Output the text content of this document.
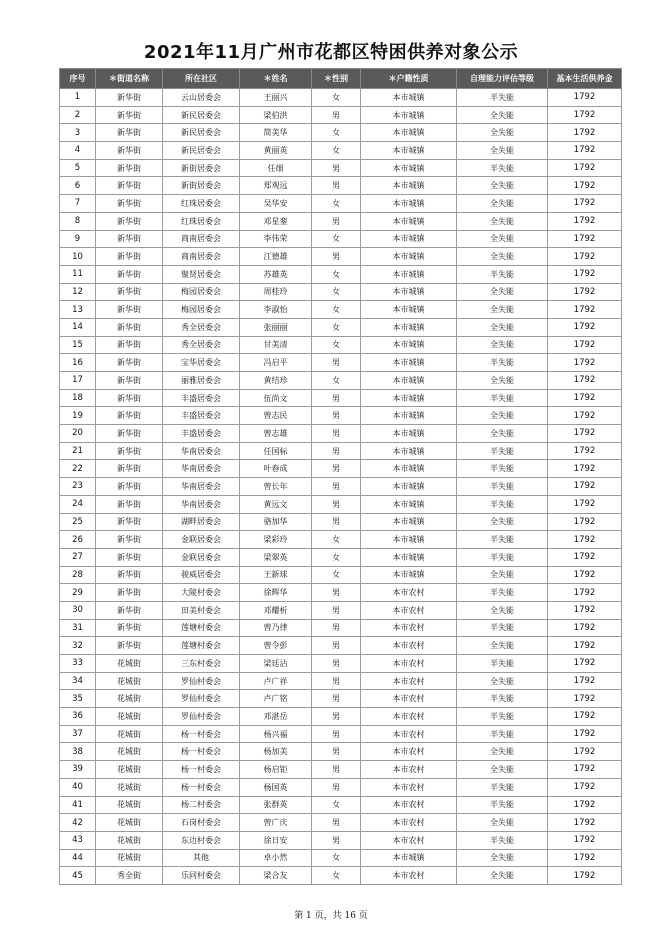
2021年11月广州市花都区特困供养对象公示
序号	＊街道名称	所在社区	＊姓名	＊性别	＊户籍性质	自理能力评估等级	基本生活供养金
1	新华街	云山居委会	王丽兴	女	本市城镇	半失能	1792
2	新华街	新民居委会	梁伯洪	男	本市城镇	全失能	1792
3	新华街	新民居委会	简美华	女	本市城镇	全失能	1792
4	新华街	新民居委会	黄丽英	女	本市城镇	全失能	1792
5	新华街	新街居委会	任细	男	本市城镇	半失能	1792
6	新华街	新街居委会	郑观远	男	本市城镇	全失能	1792
7	新华街	红珠居委会	吴华安	女	本市城镇	全失能	1792
8	新华街	红珠居委会	邓星銮	男	本市城镇	全失能	1792
9	新华街	商南居委会	李伟荣	女	本市城镇	全失能	1792
10	新华街	商南居委会	江德雄	男	本市城镇	全失能	1792
11	新华街	聚贤居委会	苏雄英	女	本市城镇	半失能	1792
12	新华街	梅园居委会	周桂玲	女	本市城镇	全失能	1792
13	新华街	梅园居委会	李淑怡	女	本市城镇	全失能	1792
14	新华街	秀全居委会	张丽丽	女	本市城镇	全失能	1792
15	新华街	秀全居委会	甘美清	女	本市城镇	全失能	1792
16	新华街	宝华居委会	冯启平	男	本市城镇	半失能	1792
17	新华街	丽雅居委会	黄结珍	女	本市城镇	全失能	1792
18	新华街	丰盛居委会	伍尚文	男	本市城镇	半失能	1792
19	新华街	丰盛居委会	曾志民	男	本市城镇	全失能	1792
20	新华街	丰盛居委会	曾志雄	男	本市城镇	全失能	1792
21	新华街	华南居委会	任国标	男	本市城镇	半失能	1792
22	新华街	华南居委会	叶春成	男	本市城镇	半失能	1792
23	新华街	华南居委会	曾长年	男	本市城镇	半失能	1792
24	新华街	华南居委会	黄远文	男	本市城镇	半失能	1792
25	新华街	湖畔居委会	骆加华	男	本市城镇	全失能	1792
26	新华街	金联居委会	梁彩玲	女	本市城镇	半失能	1792
27	新华街	金联居委会	梁翠英	女	本市城镇	半失能	1792
28	新华街	骏威居委会	王新球	女	本市城镇	全失能	1792
29	新华街	大陵村委会	徐辉华	男	本市农村	半失能	1792
30	新华街	田美村委会	邓耀析	男	本市农村	全失能	1792
31	新华街	莲塘村委会	曾乃律	男	本市农村	半失能	1792
32	新华街	莲塘村委会	曾令彭	男	本市农村	全失能	1792
33	花城街	三东村委会	梁廷沾	男	本市农村	半失能	1792
34	花城街	罗仙村委会	卢广祥	男	本市农村	全失能	1792
35	花城街	罗仙村委会	卢广铭	男	本市农村	半失能	1792
36	花城街	罗仙村委会	邓湛岳	男	本市农村	半失能	1792
37	花城街	杨一村委会	杨兴福	男	本市农村	半失能	1792
38	花城街	杨一村委会	杨加美	男	本市农村	全失能	1792
39	花城街	杨一村委会	杨启钜	男	本市农村	全失能	1792
40	花城街	杨一村委会	杨国英	男	本市农村	半失能	1792
41	花城街	杨二村委会	张群英	女	本市农村	半失能	1792
42	花城街	石岗村委会	曾广庆	男	本市农村	全失能	1792
43	花城街	东边村委会	徐日安	男	本市农村	半失能	1792
44	花城街	其他	卓小然	女	本市城镇	全失能	1792
45	秀全街	乐同村委会	梁合友	女	本市农村	全失能	1792
第 1 页，共 16 页
